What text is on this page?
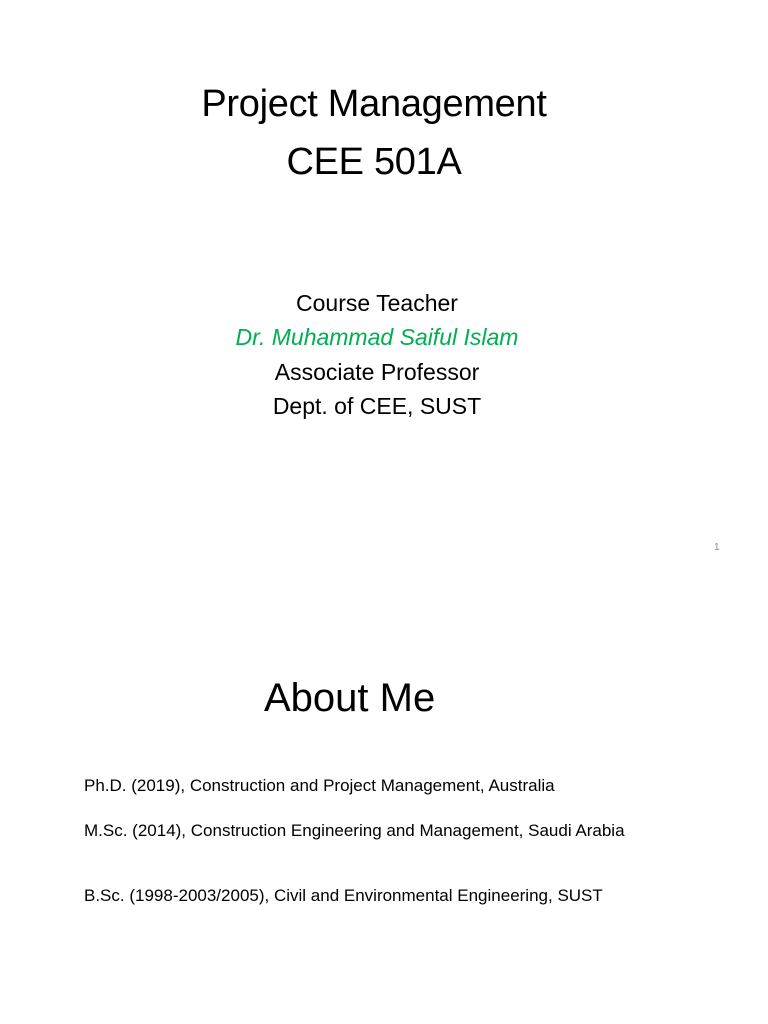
Project Management
CEE 501A
Course Teacher
Dr. Muhammad Saiful Islam
Associate Professor
Dept. of CEE, SUST
1
About Me
Ph.D. (2019), Construction and Project Management, Australia
M.Sc. (2014), Construction Engineering and Management, Saudi Arabia
B.Sc. (1998-2003/2005), Civil and Environmental Engineering, SUST
